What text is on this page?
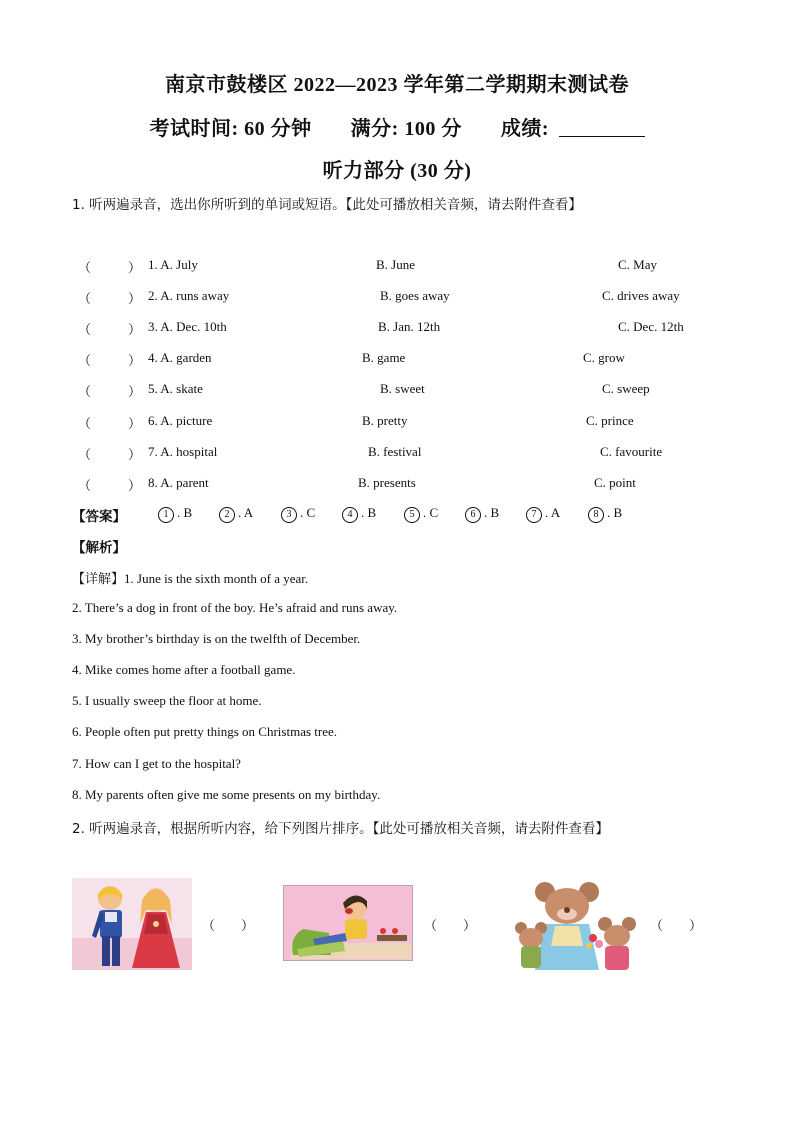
南京市鼓楼区 2022—2023 学年第二学期期末测试卷
考试时间: 60 分钟 满分: 100 分 成绩:
听力部分 (30 分)
1. 听两遍录音，选出你所听到的单词或短语。【此处可播放相关音频，请去附件查看】
（	） 1. A. July	B. June	C. May
（	） 2. A. runs away	B. goes away	C. drives away
（	） 3. A. Dec. 10th	B. Jan. 12th	C. Dec. 12th
（	） 4. A. garden	B. game	C. grow
（	） 5. A. skate	B. sweet	C. sweep
（	） 6. A. picture	B. pretty	C. prince
（	） 7. A. hospital	B. festival	C. favourite
（	） 8. A. parent	B. presents	C. point
【答案】	1 . B	2 . A	3 . C	4 . B	5 . C	6 . B	7 . A	8 . B
【解析】
【详解】1. June is the sixth month of a year.
2. There’s a dog in front of the boy. He’s afraid and runs away.
3. My brother’s birthday is on the twelfth of December.
4. Mike comes home after a football game.
5. I usually sweep the floor at home.
6. People often put pretty things on Christmas tree.
7. How can I get to the hospital?
8. My parents often give me some presents on my birthday.
2. 听两遍录音，根据所听内容，给下列图片排序。【此处可播放相关音频，请去附件查看】
（　　）	（　　）	（　　）
